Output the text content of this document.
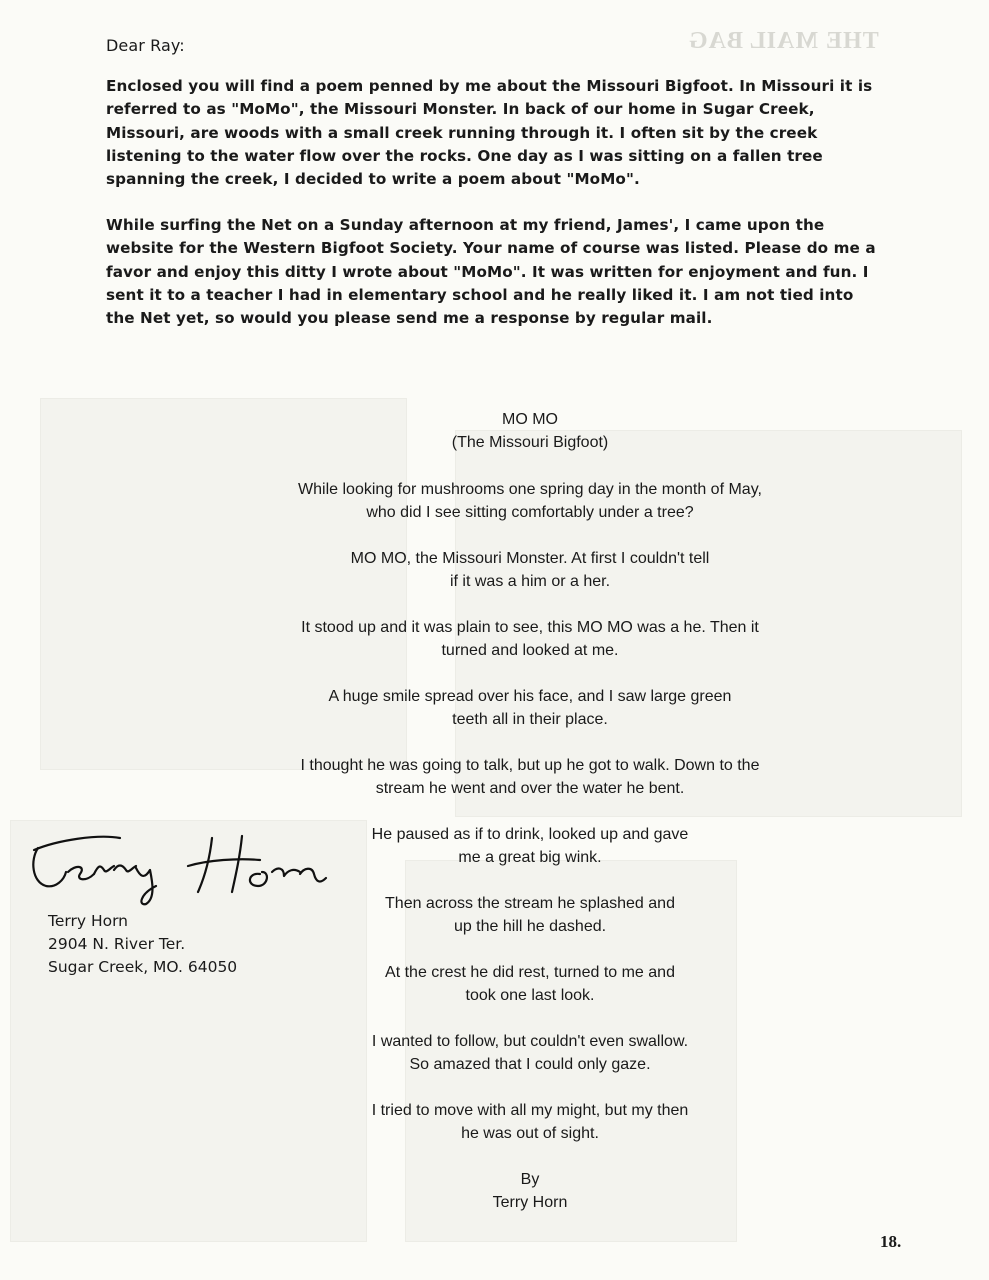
THE MAIL BAG

Dear Ray:

Enclosed you will find a poem penned by me about the Missouri Bigfoot. In Missouri it is referred to as "MoMo", the Missouri Monster. In back of our home in Sugar Creek, Missouri, are woods with a small creek running through it. I often sit by the creek listening to the water flow over the rocks. One day as I was sitting on a fallen tree spanning the creek, I decided to write a poem about "MoMo".

While surfing the Net on a Sunday afternoon at my friend, James', I came upon the website for the Western Bigfoot Society. Your name of course was listed. Please do me a favor and enjoy this ditty I wrote about "MoMo". It was written for enjoyment and fun. I sent it to a teacher I had in elementary school and he really liked it. I am not tied into the Net yet, so would you please send me a response by regular mail.

MO MO
(The Missouri Bigfoot)
While looking for mushrooms one spring day in the month of May,
who did I see sitting comfortably under a tree?
MO MO, the Missouri Monster. At first I couldn't tell
if it was a him or a her.
It stood up and it was plain to see, this MO MO was a he. Then it
turned and looked at me.
A huge smile spread over his face, and I saw large green
teeth all in their place.
I thought he was going to talk, but up he got to walk. Down to the
stream he went and over the water he bent.
He paused as if to drink, looked up and gave
me a great big wink.
Then across the stream he splashed and
up the hill he dashed.
At the crest he did rest, turned to me and
took one last look.
I wanted to follow, but couldn't even swallow.
So amazed that I could only gaze.
I tried to move with all my might, but my then
he was out of sight.
By
Terry Horn
Terry Horn
2904 N. River Ter.
Sugar Creek, MO. 64050
18.
